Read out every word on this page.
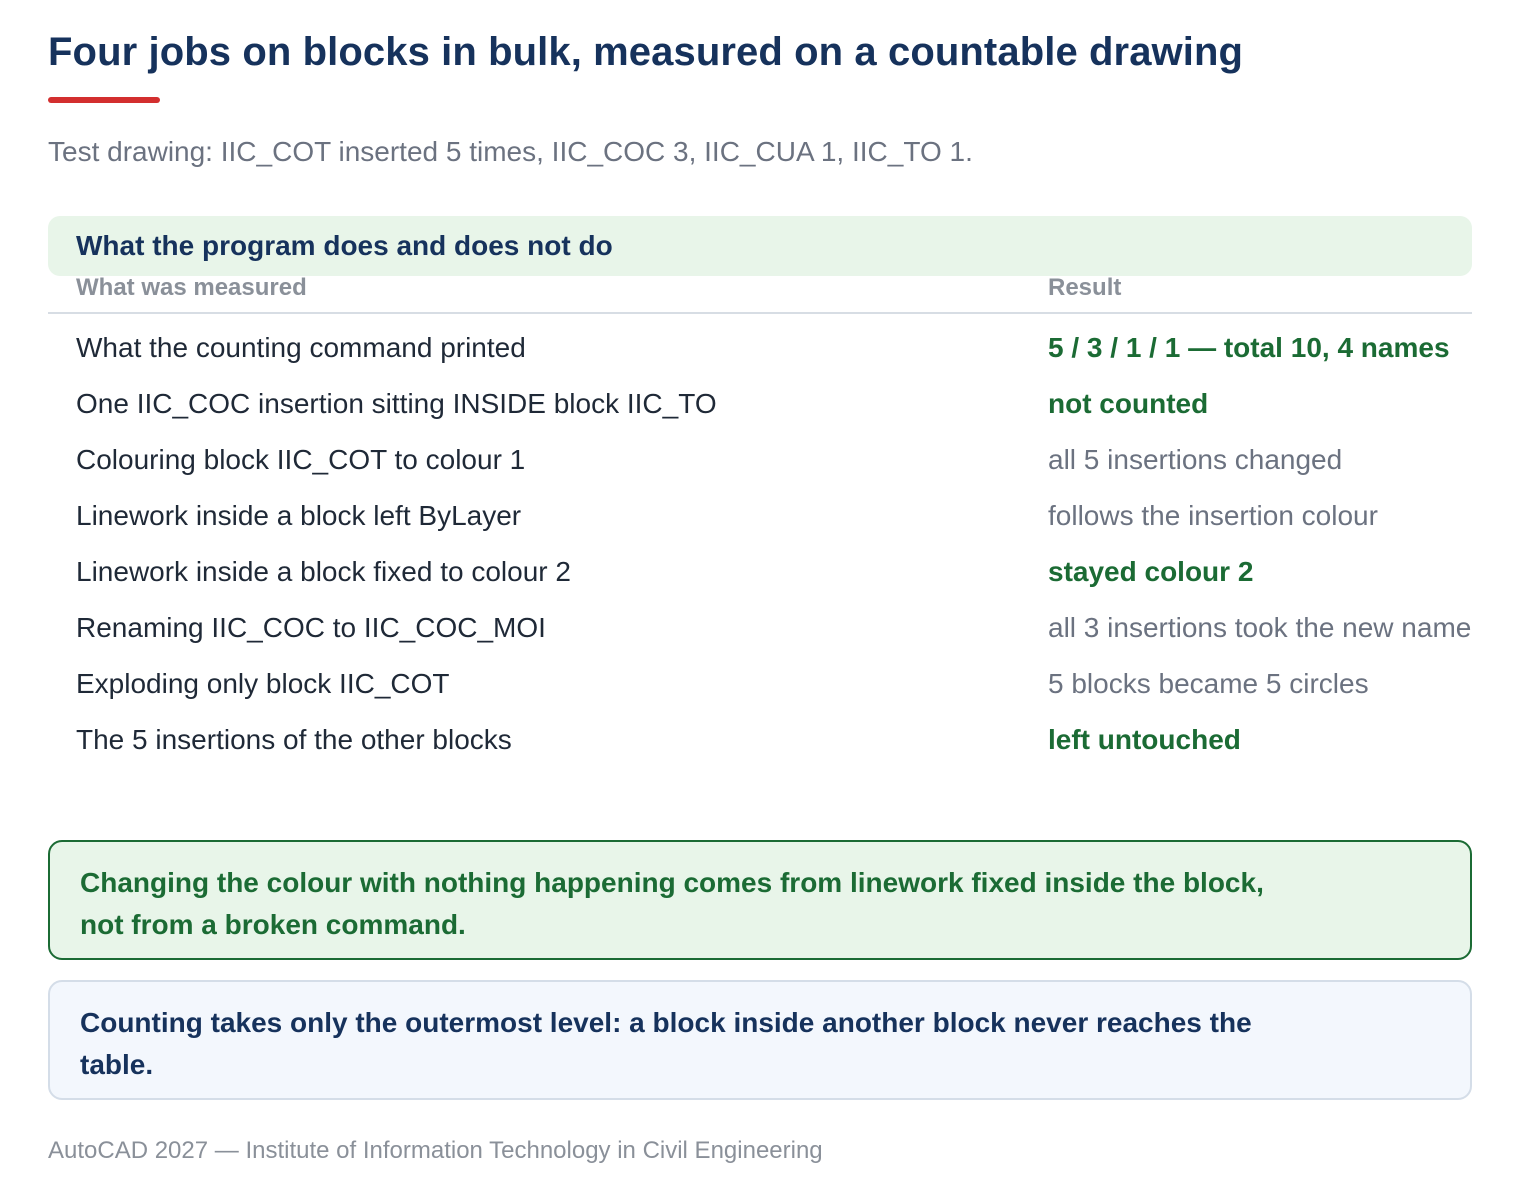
Four jobs on blocks in bulk, measured on a countable drawing
Test drawing: IIC_COT inserted 5 times, IIC_COC 3, IIC_CUA 1, IIC_TO 1.
What the program does and does not do
What was measured	Result
What the counting command printed	5 / 3 / 1 / 1 — total 10, 4 names
One IIC_COC insertion sitting INSIDE block IIC_TO	not counted
Colouring block IIC_COT to colour 1	all 5 insertions changed
Linework inside a block left ByLayer	follows the insertion colour
Linework inside a block fixed to colour 2	stayed colour 2
Renaming IIC_COC to IIC_COC_MOI	all 3 insertions took the new name
Exploding only block IIC_COT	5 blocks became 5 circles
The 5 insertions of the other blocks	left untouched
Changing the colour with nothing happening comes from linework fixed inside the block, not from a broken command.
Counting takes only the outermost level: a block inside another block never reaches the table.
AutoCAD 2027 — Institute of Information Technology in Civil Engineering
